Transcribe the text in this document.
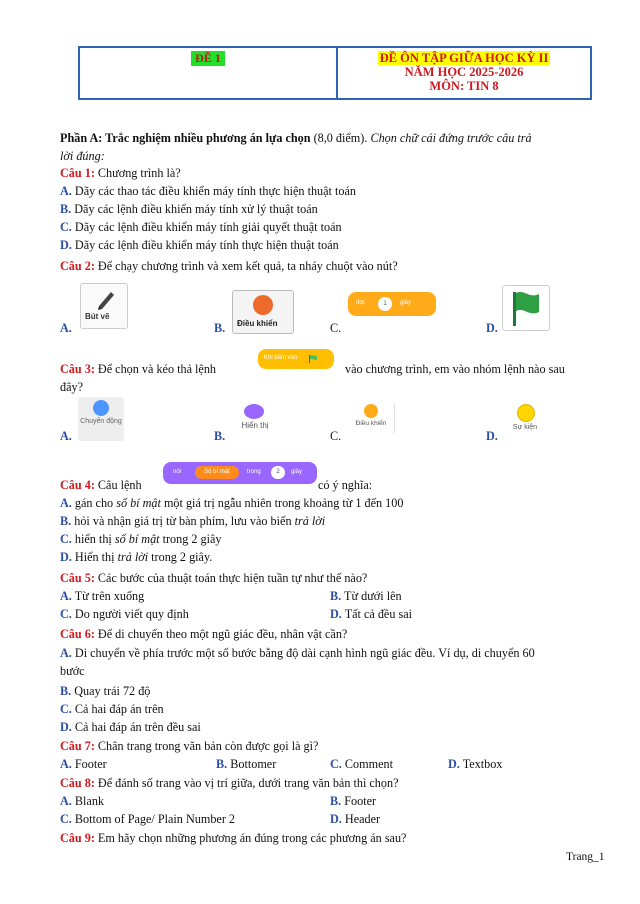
ĐỀ 1	ĐỀ ÔN TẬP GIỮA HỌC KỲ II
NĂM HỌC 2025-2026
MÔN: TIN 8
Phần A: Trắc nghiệm nhiều phương án lựa chọn (8,0 điểm). Chọn chữ cái đứng trước câu trả
lời đúng:
Câu 1: Chương trình là?
A. Dãy các thao tác điều khiển máy tính thực hiện thuật toán
B. Dãy các lệnh điều khiển máy tính xử lý thuật toán
C. Dãy các lệnh điều khiển máy tính giải quyết thuật toán
D. Dãy các lệnh điều khiển máy tính thực hiện thuật toán
Câu 2: Để chạy chương trình và xem kết quả, ta nháy chuột vào nút?
A.
Bút vẽ
B. Điều khiển	C.
đợi	1	giây
D.
Khi bấm vào
Câu 3: Để chọn và kéo thả lệnh	vào chương trình, em vào nhóm lệnh nào sau
đây?
A.
Chuyển động
B.
Hiển thị
C.
Điều khiển
D.
Sự kiện
nói	Số bí mật	trong	2	giây
Câu 4: Câu lệnh	có ý nghĩa:
A. gán cho số bí mật một giá trị ngẫu nhiên trong khoảng từ 1 đến 100
B. hỏi và nhận giá trị từ bàn phím, lưu vào biến trả lời
C. hiển thị số bí mật trong 2 giây
D. Hiển thị trả lời trong 2 giây.
Câu 5: Các bước của thuật toán thực hiện tuần tự như thế nào?
A. Từ trên xuống	B. Từ dưới lên
C. Do người viết quy định	D. Tất cả đều sai
Câu 6: Để di chuyển theo một ngũ giác đều, nhân vật cần?
A. Di chuyển về phía trước một số bước bằng độ dài cạnh hình ngũ giác đều. Ví dụ, di chuyển 60
bước
B. Quay trái 72 độ
C. Cả hai đáp án trên
D. Cả hai đáp án trên đều sai
Câu 7: Chân trang trong văn bản còn được gọi là gì?
A. Footer	B. Bottomer	C. Comment	D. Textbox
Câu 8: Để đánh số trang vào vị trí giữa, dưới trang văn bản thì chọn?
A. Blank	B. Footer
C. Bottom of Page/ Plain Number 2	D. Header
Câu 9: Em hãy chọn những phương án đúng trong các phương án sau?
Trang_1
